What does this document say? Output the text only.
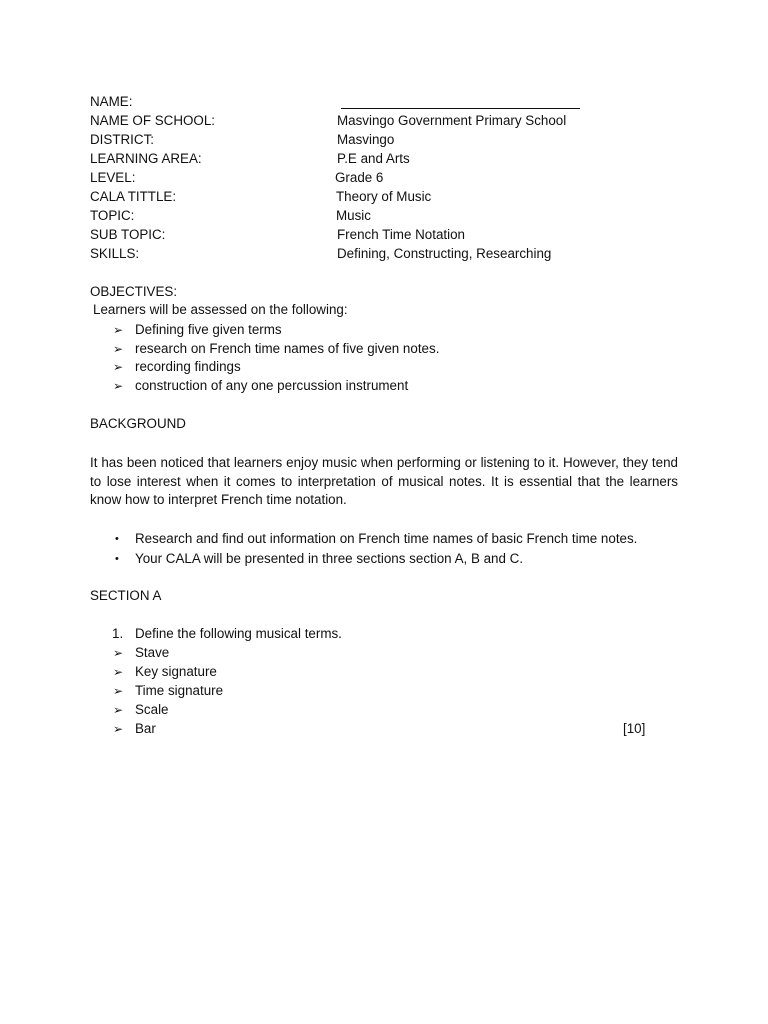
NAME:
NAME OF SCHOOL:	Masvingo Government Primary School
DISTRICT:	Masvingo
LEARNING AREA:	P.E and Arts
LEVEL:	Grade 6
CALA TITTLE:	Theory of Music
TOPIC:	Music
SUB TOPIC:	French Time Notation
SKILLS:	Defining, Constructing, Researching
OBJECTIVES:
Learners will be assessed on the following:
➢ Defining five given terms
➢ research on French time names of five given notes.
➢ recording findings
➢ construction of any one percussion instrument
BACKGROUND
It has been noticed that learners enjoy music when performing or listening to it. However, they tend to lose interest when it comes to interpretation of musical notes. It is essential that the learners know how to interpret French time notation.
•	Research and find out information on French time names of basic French time notes.
•	Your CALA will be presented in three sections section A, B and C.
SECTION A
1. Define the following musical terms.
➢ Stave
➢ Key signature
➢ Time signature
➢ Scale
➢ Bar	[10]
